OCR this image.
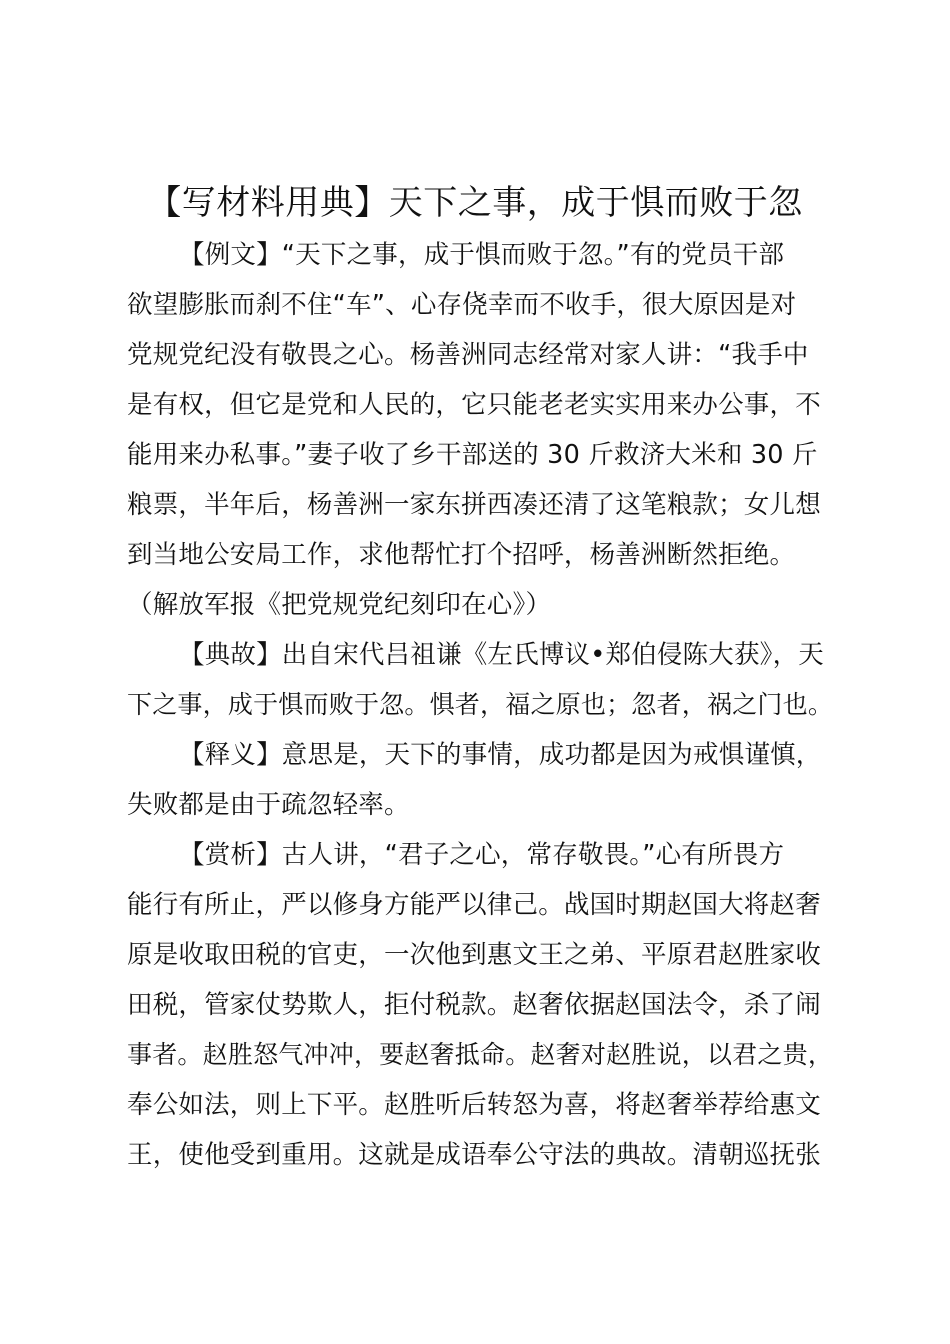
【写材料用典】天下之事，成于惧而败于忽
【例文】“天下之事，成于惧而败于忽。”有的党员干部
欲望膨胀而刹不住“车”、心存侥幸而不收手，很大原因是对
党规党纪没有敬畏之心。杨善洲同志经常对家人讲：“我手中
是有权，但它是党和人民的，它只能老老实实用来办公事，不
能用来办私事。”妻子收了乡干部送的 30 斤救济大米和 30 斤
粮票，半年后，杨善洲一家东拼西凑还清了这笔粮款；女儿想
到当地公安局工作，求他帮忙打个招呼，杨善洲断然拒绝。
（解放军报《把党规党纪刻印在心》）
【典故】出自宋代吕祖谦《左氏博议•郑伯侵陈大获》，天
下之事，成于惧而败于忽。惧者，福之原也；忽者，祸之门也。
【释义】意思是，天下的事情，成功都是因为戒惧谨慎，
失败都是由于疏忽轻率。
【赏析】古人讲，“君子之心，常存敬畏。”心有所畏方
能行有所止，严以修身方能严以律己。战国时期赵国大将赵奢
原是收取田税的官吏，一次他到惠文王之弟、平原君赵胜家收
田税，管家仗势欺人，拒付税款。赵奢依据赵国法令，杀了闹
事者。赵胜怒气冲冲，要赵奢抵命。赵奢对赵胜说，以君之贵，
奉公如法，则上下平。赵胜听后转怒为喜，将赵奢举荐给惠文
王，使他受到重用。这就是成语奉公守法的典故。清朝巡抚张
